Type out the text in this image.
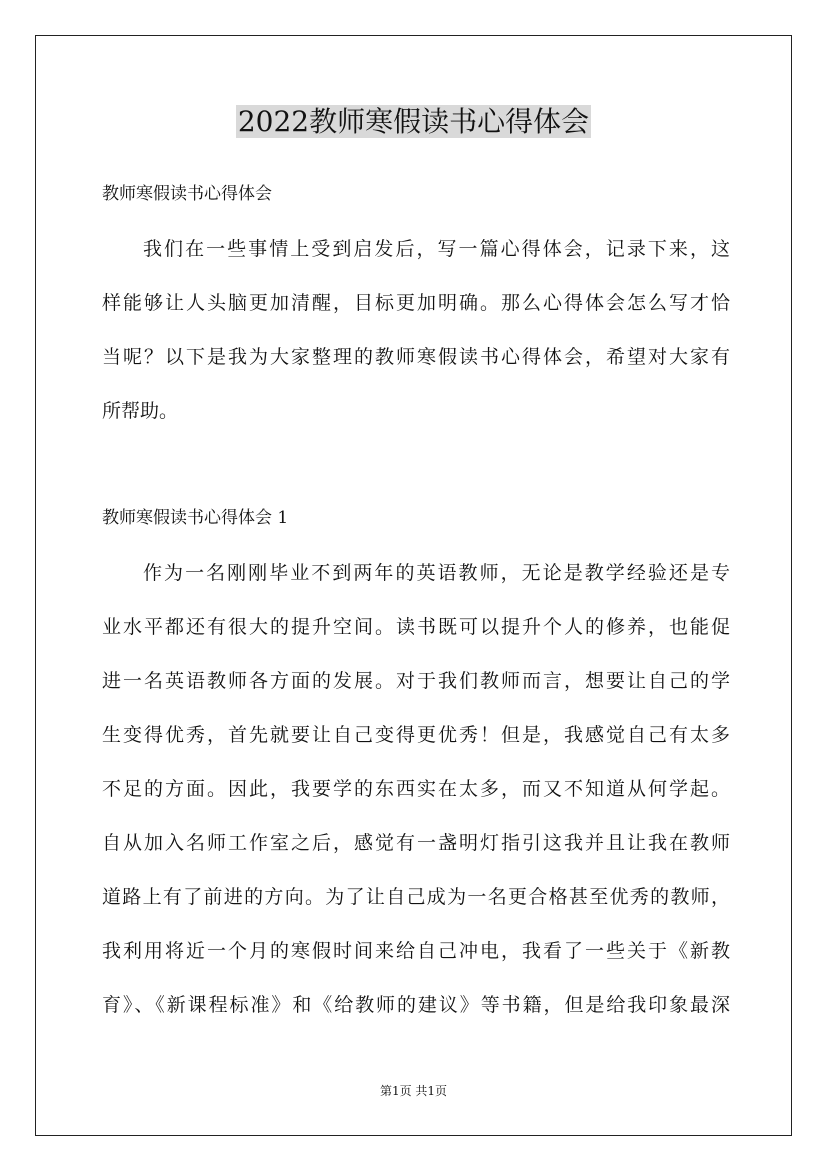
2022教师寒假读书心得体会
教师寒假读书心得体会
我们在一些事情上受到启发后，写一篇心得体会，记录下来，这
样能够让人头脑更加清醒，目标更加明确。那么心得体会怎么写才恰
当呢？以下是我为大家整理的教师寒假读书心得体会，希望对大家有
所帮助。
教师寒假读书心得体会 1
作为一名刚刚毕业不到两年的英语教师，无论是教学经验还是专
业水平都还有很大的提升空间。读书既可以提升个人的修养，也能促
进一名英语教师各方面的发展。对于我们教师而言，想要让自己的学
生变得优秀，首先就要让自己变得更优秀！但是，我感觉自己有太多
不足的方面。因此，我要学的东西实在太多，而又不知道从何学起。
自从加入名师工作室之后，感觉有一盏明灯指引这我并且让我在教师
道路上有了前进的方向。为了让自己成为一名更合格甚至优秀的教师，
我利用将近一个月的寒假时间来给自己冲电，我看了一些关于《新教
育》、《新课程标准》和《给教师的建议》等书籍，但是给我印象最深
第1页 共1页
